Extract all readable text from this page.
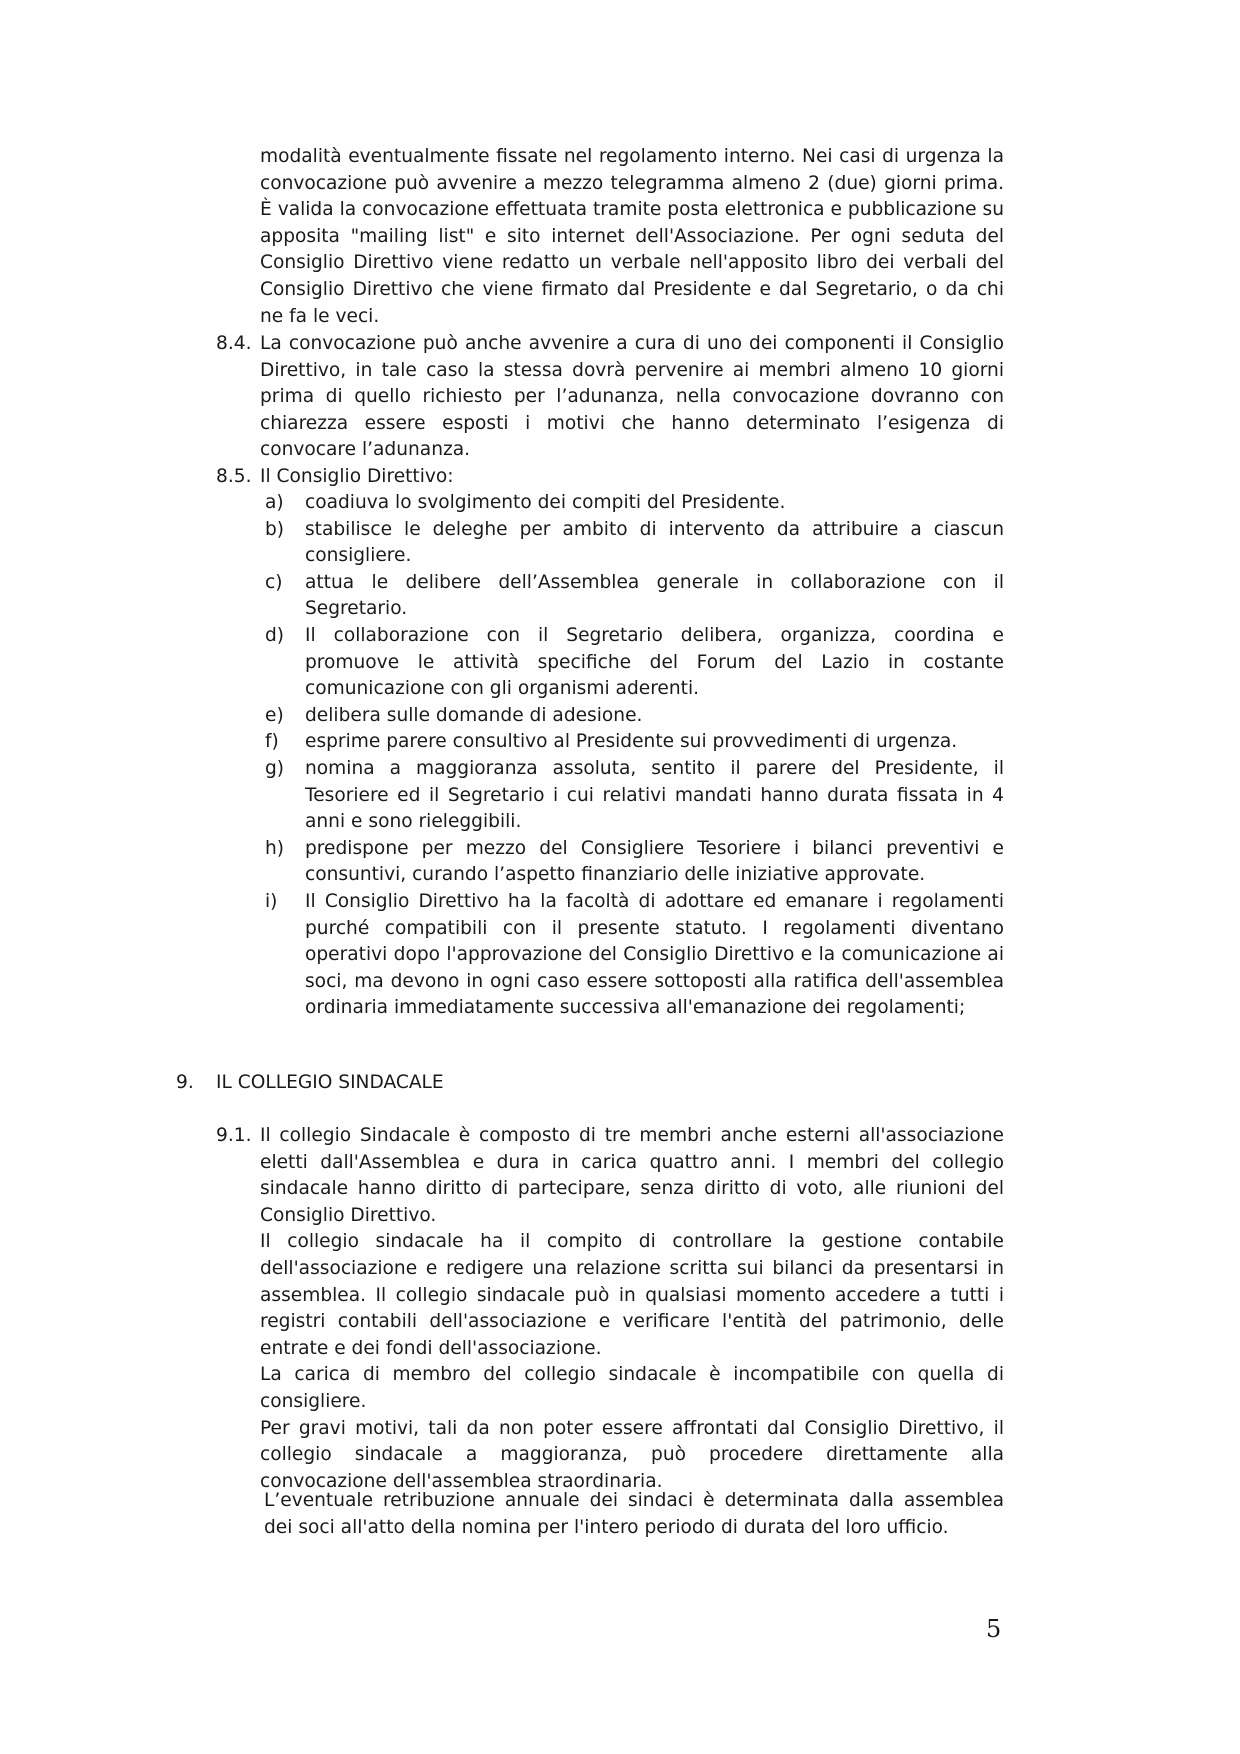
modalità eventualmente fissate nel regolamento interno. Nei casi di urgenza la convocazione può avvenire a mezzo telegramma almeno 2 (due) giorni prima. È valida la convocazione effettuata tramite posta elettronica e pubblicazione su apposita "mailing list" e sito internet dell'Associazione. Per ogni seduta del Consiglio Direttivo viene redatto un verbale nell'apposito libro dei verbali del Consiglio Direttivo che viene firmato dal Presidente e dal Segretario, o da chi ne fa le veci.
8.4. La convocazione può anche avvenire a cura di uno dei componenti il Consiglio Direttivo, in tale caso la stessa dovrà pervenire ai membri almeno 10 giorni prima di quello richiesto per l’adunanza, nella convocazione dovranno con chiarezza essere esposti i motivi che hanno determinato l’esigenza di convocare l’adunanza.
8.5. Il Consiglio Direttivo:
a) coadiuva lo svolgimento dei compiti del Presidente.
b) stabilisce le deleghe per ambito di intervento da attribuire a ciascun consigliere.
c) attua le delibere dell’Assemblea generale in collaborazione con il Segretario.
d) Il collaborazione con il Segretario delibera, organizza, coordina e promuove le attività specifiche del Forum del Lazio in costante comunicazione con gli organismi aderenti.
e) delibera sulle domande di adesione.
f) esprime parere consultivo al Presidente sui provvedimenti di urgenza.
g) nomina a maggioranza assoluta, sentito il parere del Presidente, il Tesoriere ed il Segretario i cui relativi mandati hanno durata fissata in 4 anni e sono rieleggibili.
h) predispone per mezzo del Consigliere Tesoriere i bilanci preventivi e consuntivi, curando l’aspetto finanziario delle iniziative approvate.
i) Il Consiglio Direttivo ha la facoltà di adottare ed emanare i regolamenti purché compatibili con il presente statuto. I regolamenti diventano operativi dopo l'approvazione del Consiglio Direttivo e la comunicazione ai soci, ma devono in ogni caso essere sottoposti alla ratifica dell'assemblea ordinaria immediatamente successiva all'emanazione dei regolamenti;
9. IL COLLEGIO SINDACALE
9.1. Il collegio Sindacale è composto di tre membri anche esterni all'associazione eletti dall'Assemblea e dura in carica quattro anni. I membri del collegio sindacale hanno diritto di partecipare, senza diritto di voto, alle riunioni del Consiglio Direttivo.

Il collegio sindacale ha il compito di controllare la gestione contabile dell'associazione e redigere una relazione scritta sui bilanci da presentarsi in assemblea. Il collegio sindacale può in qualsiasi momento accedere a tutti i registri contabili dell'associazione e verificare l'entità del patrimonio, delle entrate e dei fondi dell'associazione.

La carica di membro del collegio sindacale è incompatibile con quella di consigliere.

Per gravi motivi, tali da non poter essere affrontati dal Consiglio Direttivo, il collegio sindacale a maggioranza, può procedere direttamente alla convocazione dell'assemblea straordinaria.

L’eventuale retribuzione annuale dei sindaci è determinata dalla assemblea dei soci all'atto della nomina per l'intero periodo di durata del loro ufficio.
5
